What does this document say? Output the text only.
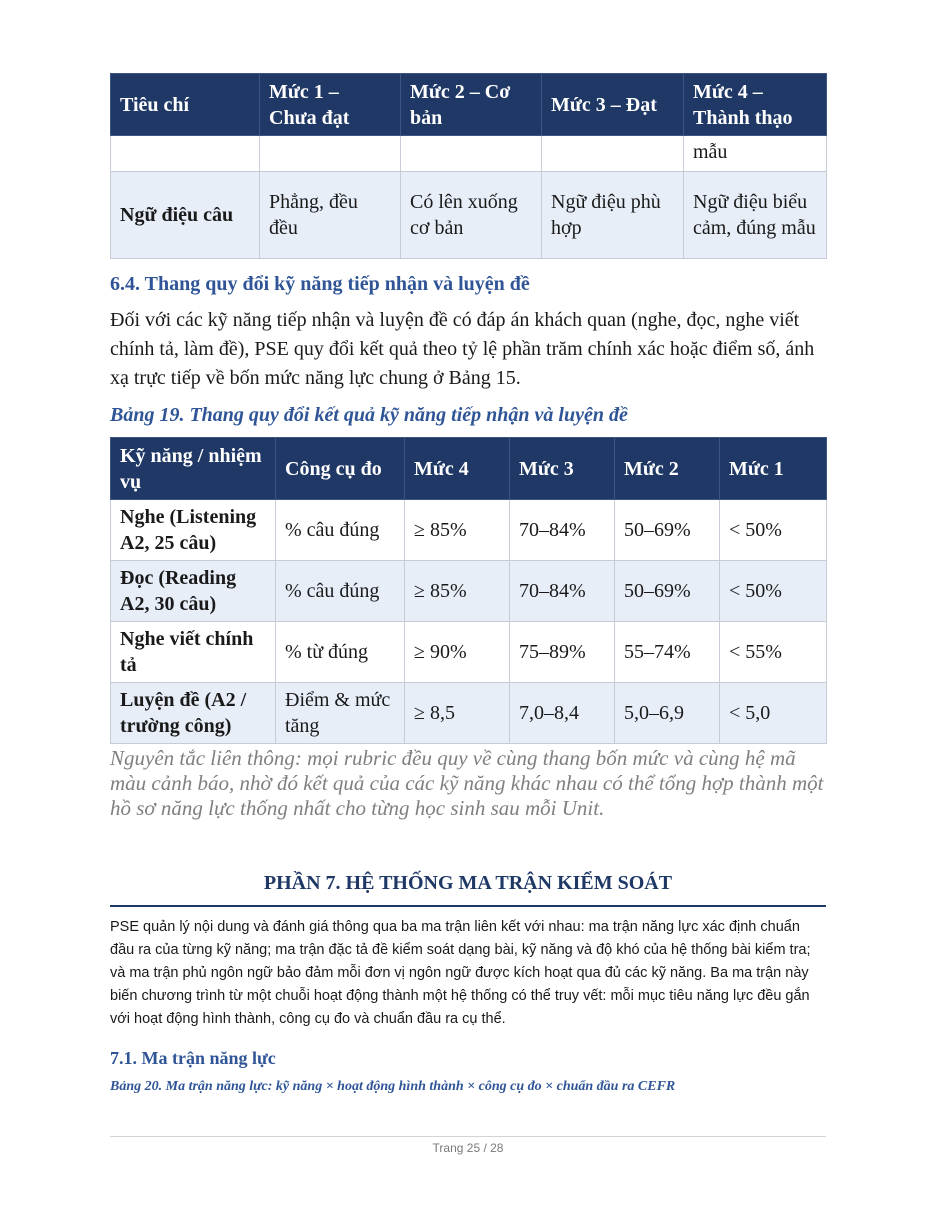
Tiêu chí	Mức 1 – Chưa đạt	Mức 2 – Cơ bản	Mức 3 – Đạt	Mức 4 – Thành thạo
				mẫu
Ngữ điệu câu	Phẳng, đều đều	Có lên xuống cơ bản	Ngữ điệu phù hợp	Ngữ điệu biểu cảm, đúng mẫu
6.4. Thang quy đổi kỹ năng tiếp nhận và luyện đề
Đối với các kỹ năng tiếp nhận và luyện đề có đáp án khách quan (nghe, đọc, nghe viết chính tả, làm đề), PSE quy đổi kết quả theo tỷ lệ phần trăm chính xác hoặc điểm số, ánh xạ trực tiếp về bốn mức năng lực chung ở Bảng 15.
Bảng 19. Thang quy đổi kết quả kỹ năng tiếp nhận và luyện đề
Kỹ năng / nhiệm vụ	Công cụ đo	Mức 4	Mức 3	Mức 2	Mức 1
Nghe (Listening A2, 25 câu)	% câu đúng	≥ 85%	70–84%	50–69%	< 50%
Đọc (Reading A2, 30 câu)	% câu đúng	≥ 85%	70–84%	50–69%	< 50%
Nghe viết chính tả	% từ đúng	≥ 90%	75–89%	55–74%	< 55%
Luyện đề (A2 / trường công)	Điểm & mức tăng	≥ 8,5	7,0–8,4	5,0–6,9	< 5,0
Nguyên tắc liên thông: mọi rubric đều quy về cùng thang bốn mức và cùng hệ mã màu cảnh báo, nhờ đó kết quả của các kỹ năng khác nhau có thể tổng hợp thành một hồ sơ năng lực thống nhất cho từng học sinh sau mỗi Unit.
PHẦN 7. HỆ THỐNG MA TRẬN KIỂM SOÁT
PSE quản lý nội dung và đánh giá thông qua ba ma trận liên kết với nhau: ma trận năng lực xác định chuẩn đầu ra của từng kỹ năng; ma trận đặc tả đề kiểm soát dạng bài, kỹ năng và độ khó của hệ thống bài kiểm tra; và ma trận phủ ngôn ngữ bảo đảm mỗi đơn vị ngôn ngữ được kích hoạt qua đủ các kỹ năng. Ba ma trận này biến chương trình từ một chuỗi hoạt động thành một hệ thống có thể truy vết: mỗi mục tiêu năng lực đều gắn với hoạt động hình thành, công cụ đo và chuẩn đầu ra cụ thể.
7.1. Ma trận năng lực
Bảng 20. Ma trận năng lực: kỹ năng × hoạt động hình thành × công cụ đo × chuẩn đầu ra CEFR
Trang 25 / 28
